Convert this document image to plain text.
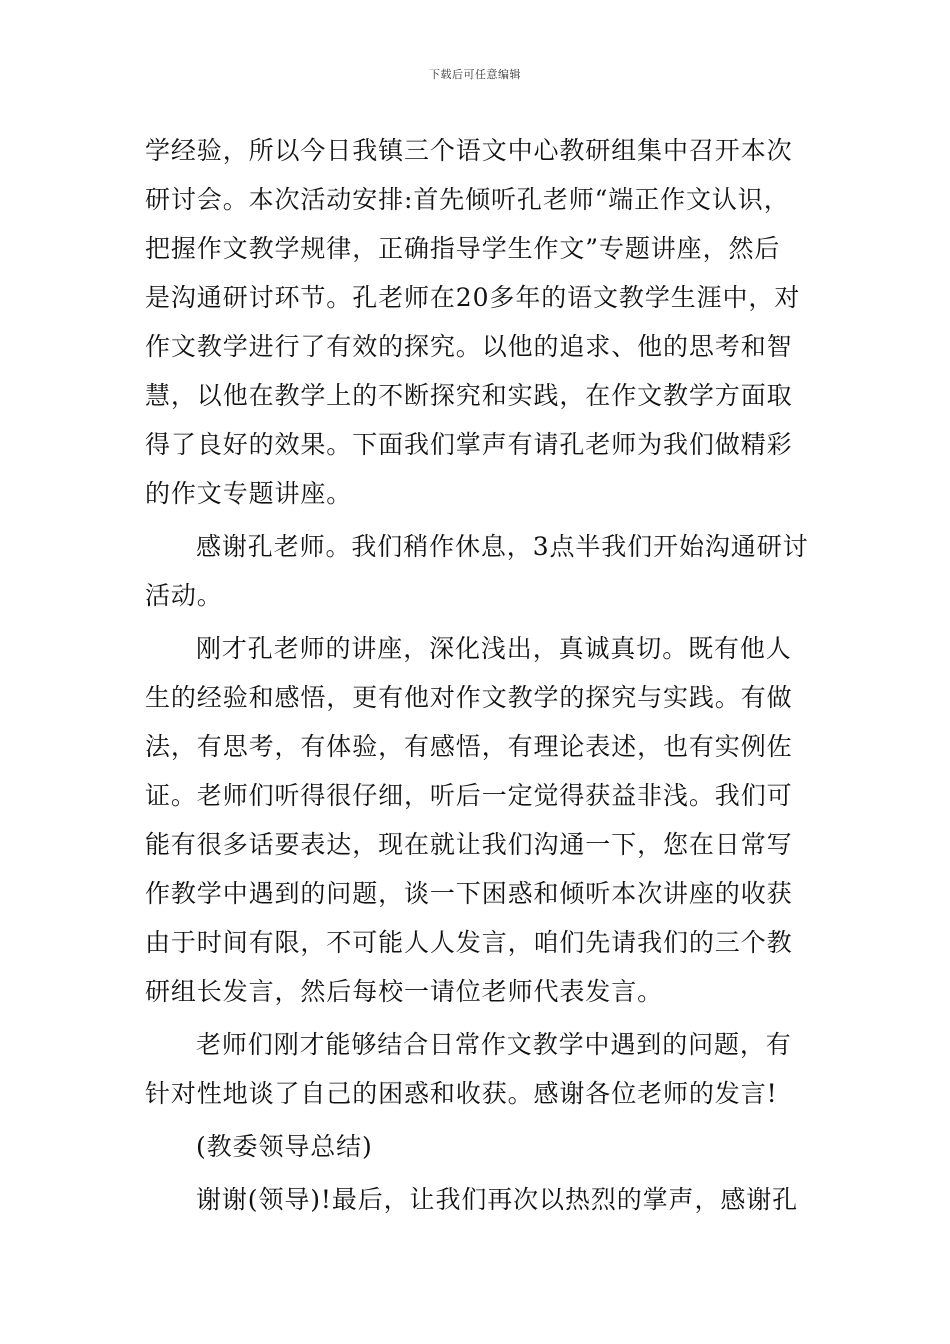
下载后可任意编辑
学经验，所以今日我镇三个语文中心教研组集中召开本次
研讨会。本次活动安排:首先倾听孔老师“端正作文认识，
把握作文教学规律，正确指导学生作文”专题讲座，然后
是沟通研讨环节。孔老师在20多年的语文教学生涯中，对
作文教学进行了有效的探究。以他的追求、他的思考和智
慧，以他在教学上的不断探究和实践，在作文教学方面取
得了良好的效果。下面我们掌声有请孔老师为我们做精彩
的作文专题讲座。
感谢孔老师。我们稍作休息，3点半我们开始沟通研讨
活动。
刚才孔老师的讲座，深化浅出，真诚真切。既有他人
生的经验和感悟，更有他对作文教学的探究与实践。有做
法，有思考，有体验，有感悟，有理论表述，也有实例佐
证。老师们听得很仔细，听后一定觉得获益非浅。我们可
能有很多话要表达，现在就让我们沟通一下，您在日常写
作教学中遇到的问题，谈一下困惑和倾听本次讲座的收获
由于时间有限，不可能人人发言，咱们先请我们的三个教
研组长发言，然后每校一请位老师代表发言。
老师们刚才能够结合日常作文教学中遇到的问题，有
针对性地谈了自己的困惑和收获。感谢各位老师的发言!
(教委领导总结)
谢谢(领导)!最后，让我们再次以热烈的掌声，感谢孔
